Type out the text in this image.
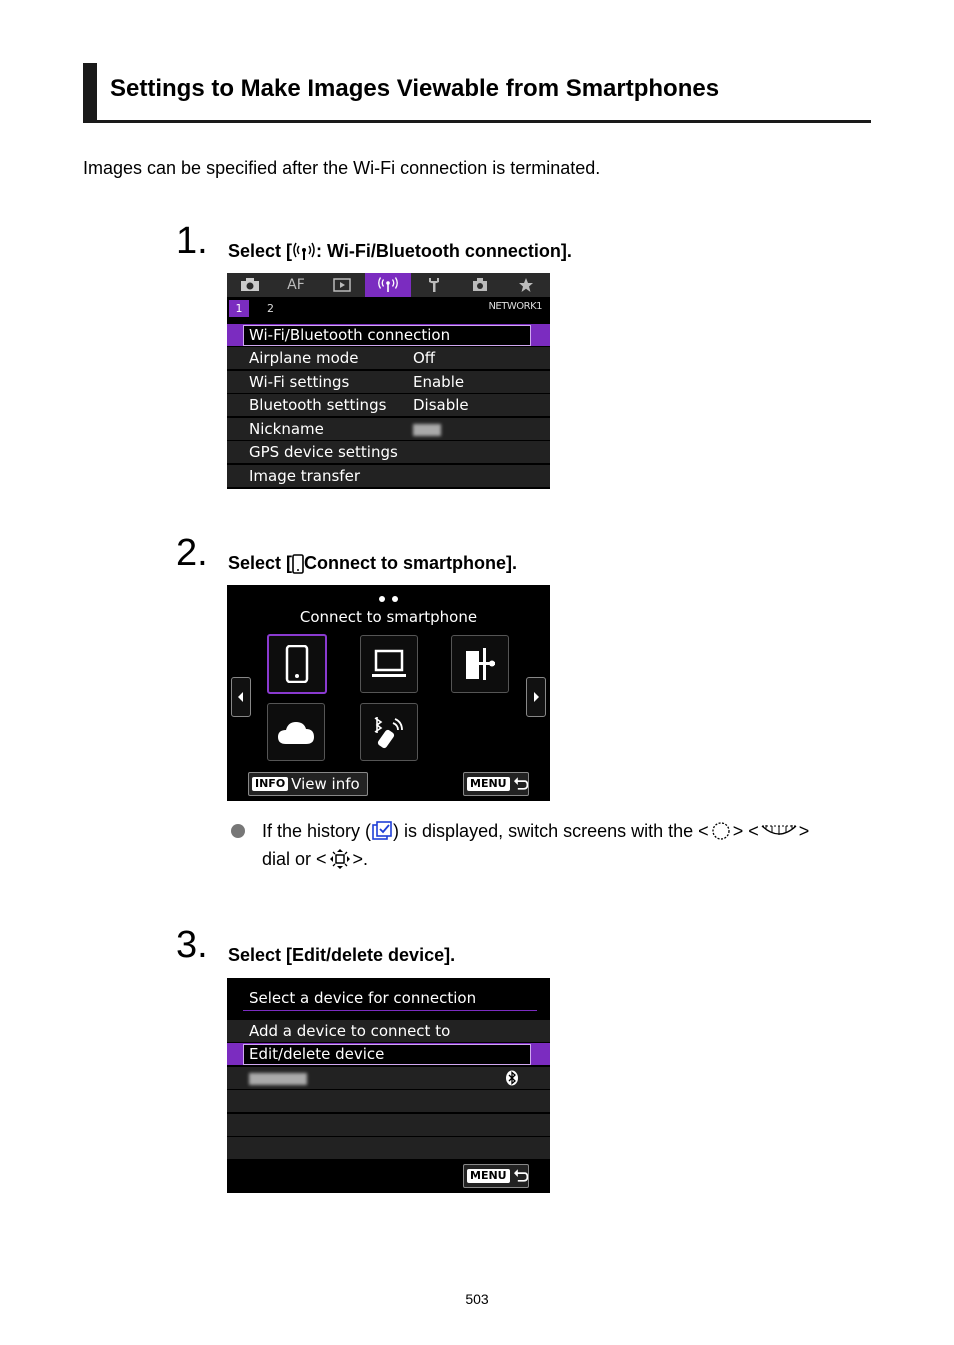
Settings to Make Images Viewable from Smartphones
Images can be specified after the Wi-Fi connection is terminated.
1. Select [ : Wi-Fi/Bluetooth connection].
AF
1	2	NETWORK1
Wi-Fi/Bluetooth connection
Airplane mode	Off
Wi-Fi settings	Enable
Bluetooth settings Disable
Nickname
GPS device settings
Image transfer
2. Select [ Connect to smartphone].
Connect to smartphone
INFO View info	MENU
If the history ( ) is displayed, switch screens with the < > < >
dial or < >.
3. Select [Edit/delete device].
Select a device for connection
Add a device to connect to
Edit/delete device
MENU
503
